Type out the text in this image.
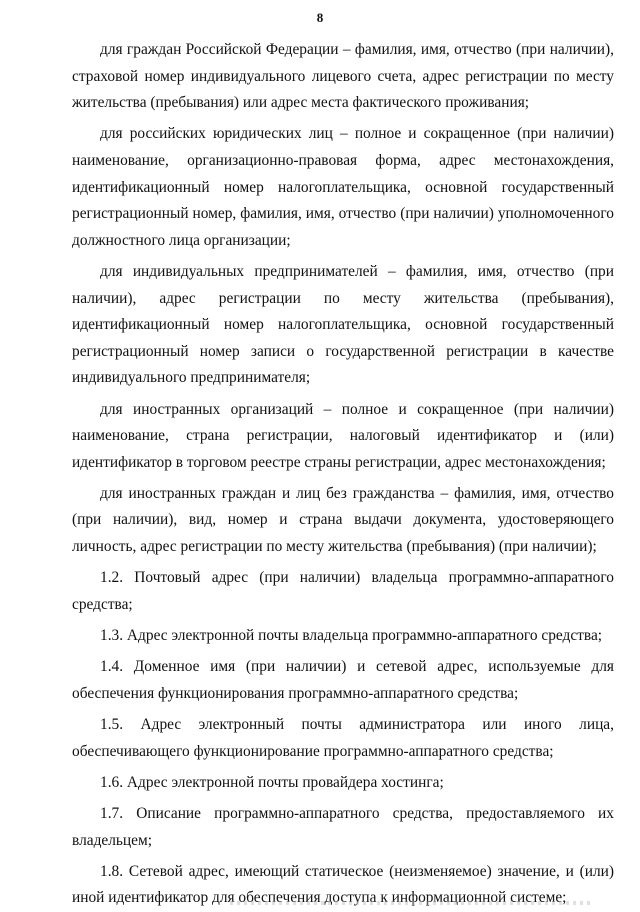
8

для граждан Российской Федерации – фамилия, имя, отчество (при наличии), страховой номер индивидуального лицевого счета, адрес регистрации по месту жительства (пребывания) или адрес места фактического проживания;

для российских юридических лиц – полное и сокращенное (при наличии) наименование, организационно-правовая форма, адрес местонахождения, идентификационный номер налогоплательщика, основной государственный регистрационный номер, фамилия, имя, отчество (при наличии) уполномоченного должностного лица организации;

для индивидуальных предпринимателей – фамилия, имя, отчество (при наличии), адрес регистрации по месту жительства (пребывания), идентификационный номер налогоплательщика, основной государственный регистрационный номер записи о государственной регистрации в качестве индивидуального предпринимателя;

для иностранных организаций – полное и сокращенное (при наличии) наименование, страна регистрации, налоговый идентификатор и (или) идентификатор в торговом реестре страны регистрации, адрес местонахождения;

для иностранных граждан и лиц без гражданства – фамилия, имя, отчество (при наличии), вид, номер и страна выдачи документа, удостоверяющего личность, адрес регистрации по месту жительства (пребывания) (при наличии);

1.2. Почтовый адрес (при наличии) владельца программно-аппаратного средства;

1.3. Адрес электронной почты владельца программно-аппаратного средства;

1.4. Доменное имя (при наличии) и сетевой адрес, используемые для обеспечения функционирования программно-аппаратного средства;

1.5. Адрес электронный почты администратора или иного лица, обеспечивающего функционирование программно-аппаратного средства;

1.6. Адрес электронной почты провайдера хостинга;

1.7. Описание программно-аппаратного средства, предоставляемого их владельцем;

1.8. Сетевой адрес, имеющий статическое (неизменяемое) значение, и (или) иной идентификатор для обеспечения доступа к информационной системе;
